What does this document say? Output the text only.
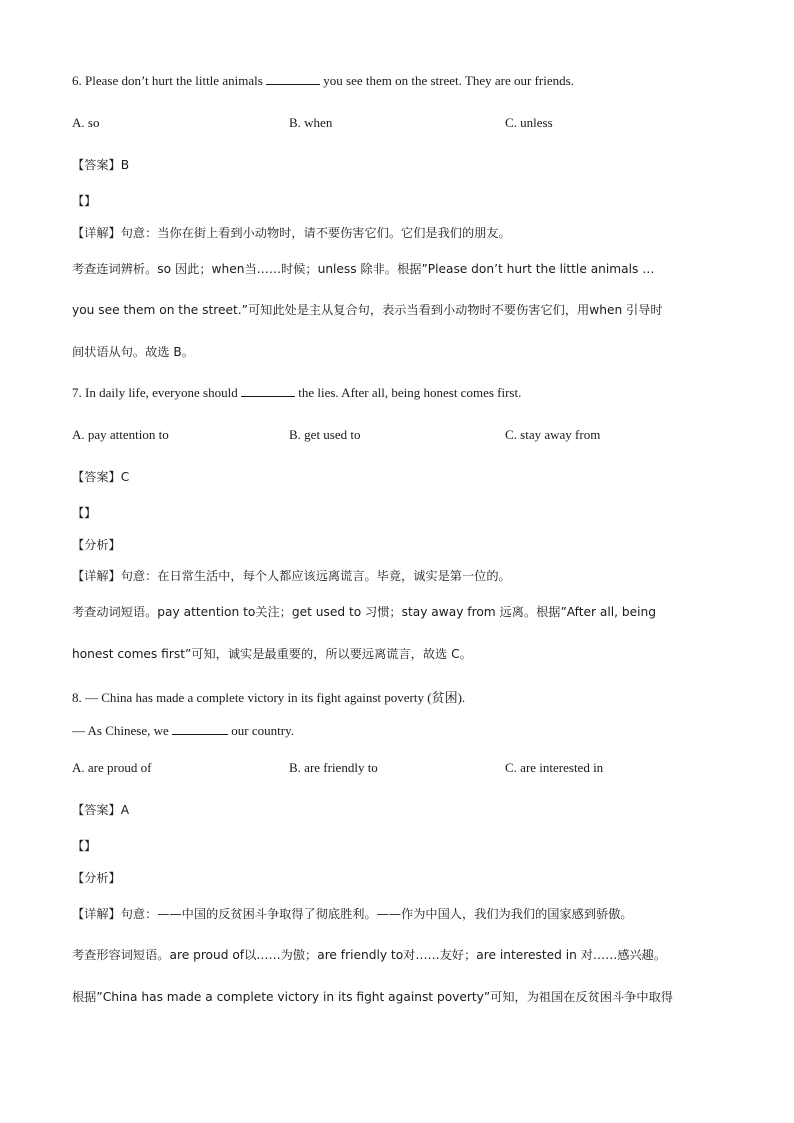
6. Please don’t hurt the little animals	you see them on the street. They are our friends.
A. so	B. when	C. unless
【答案】B
【】
【详解】句意：当你在街上看到小动物时，请不要伤害它们。它们是我们的朋友。
考查连词辨析。so 因此；when当……时候；unless 除非。根据”Please don’t hurt the little animals …
you see them on the street.”可知此处是主从复合句，表示当看到小动物时不要伤害它们，用when 引导时
间状语从句。故选 B。
7. In daily life, everyone should	the lies. After all, being honest comes first.
A. pay attention to	B. get used to	C. stay away from
【答案】C
【】
【分析】
【详解】句意：在日常生活中，每个人都应该远离谎言。毕竟，诚实是第一位的。
考查动词短语。pay attention to关注；get used to 习惯；stay away from 远离。根据”After all, being
honest comes first”可知，诚实是最重要的，所以要远离谎言，故选 C。
8. — China has made a complete victory in its fight against poverty (贫困).
— As Chinese, we	our country.
A. are proud of	B. are friendly to	C. are interested in
【答案】A
【】
【分析】
【详解】句意：——中国的反贫困斗争取得了彻底胜利。——作为中国人，我们为我们的国家感到骄傲。
考查形容词短语。are proud of以……为傲；are friendly to对……友好；are interested in 对……感兴趣。
根据”China has made a complete victory in its fight against poverty”可知，为祖国在反贫困斗争中取得
